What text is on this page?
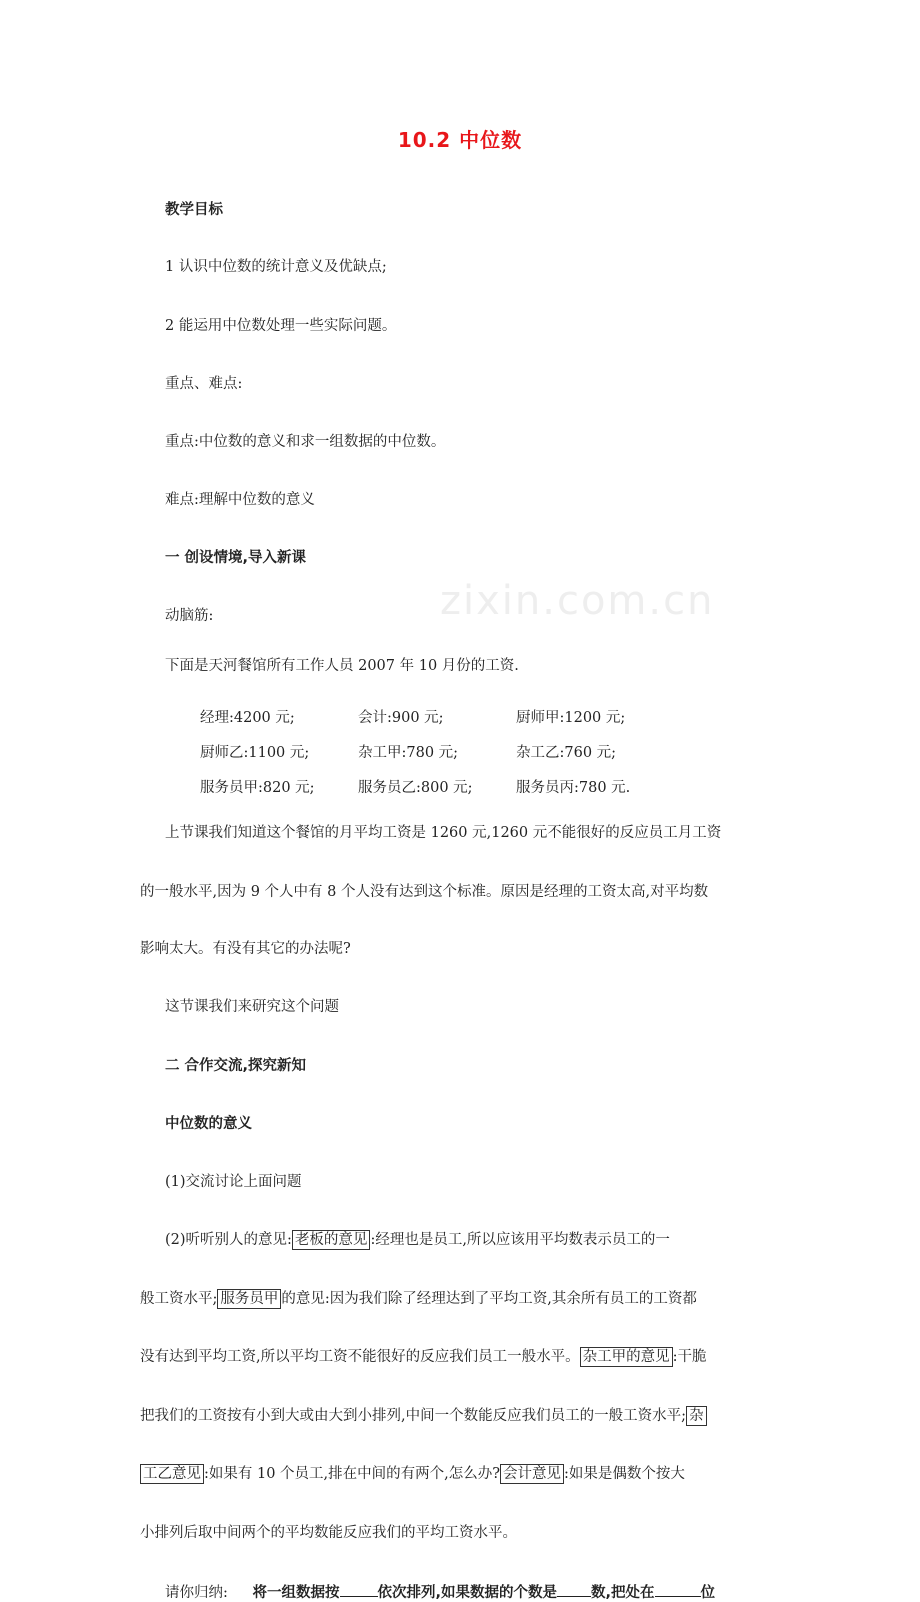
zixin.com.cn
10.2 中位数
教学目标
1 认识中位数的统计意义及优缺点;
2 能运用中位数处理一些实际问题。
重点、难点:
重点:中位数的意义和求一组数据的中位数。
难点:理解中位数的意义
一 创设情境,导入新课
动脑筋:
下面是天河餐馆所有工作人员 2007 年 10 月份的工资.
经理:4200 元;	会计:900 元;	厨师甲:1200 元;
厨师乙:1100 元;	杂工甲:780 元;	杂工乙:760 元;
服务员甲:820 元;	服务员乙:800 元;	服务员丙:780 元.
上节课我们知道这个餐馆的月平均工资是 1260 元,1260 元不能很好的反应员工月工资
的一般水平,因为 9 个人中有 8 个人没有达到这个标准。原因是经理的工资太高,对平均数
影响太大。有没有其它的办法呢?
这节课我们来研究这个问题
二 合作交流,探究新知
中位数的意义
(1)交流讨论上面问题
(2)听听别人的意见: 老板的意见 :经理也是员工,所以应该用平均数表示员工的一
般工资水平; 服务员甲 的意见:因为我们除了经理达到了平均工资,其余所有员工的工资都
没有达到平均工资,所以平均工资不能很好的反应我们员工一般水平。 杂工甲的意见 :干脆
把我们的工资按有小到大或由大到小排列,中间一个数能反应我们员工的一般工资水平; 杂
工乙意见 :如果有 10 个员工,排在中间的有两个,怎么办? 会计意见 :如果是偶数个按大
小排列后取中间两个的平均数能反应我们的平均工资水平。
请你归纳: 将一组数据按	依次排列,如果数据的个数是 数,把处在	位
